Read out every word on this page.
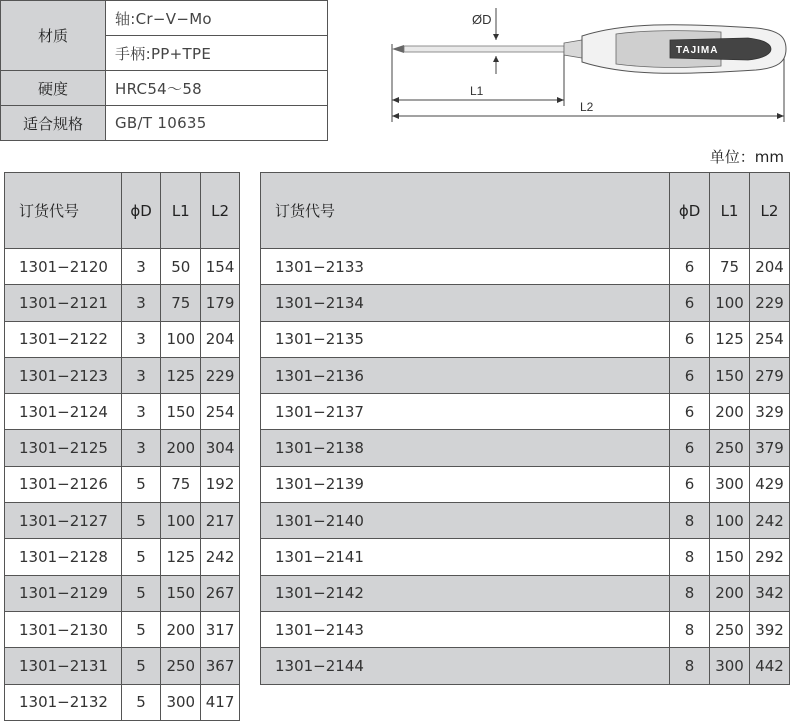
材质	轴:Cr−V−Mo
	手柄:PP+TPE
硬度	HRC54～58
适合规格	GB/T 10635
ØD
TAJIMA
L1
L2
单位：mm
订货代号	ϕD	L1	L2
1301−2120	3	50	154
1301−2121	3	75	179
1301−2122	3	100	204
1301−2123	3	125	229
1301−2124	3	150	254
1301−2125	3	200	304
1301−2126	5	75	192
1301−2127	5	100	217
1301−2128	5	125	242
1301−2129	5	150	267
1301−2130	5	200	317
1301−2131	5	250	367
1301−2132	5	300	417
订货代号	ϕD	L1	L2
1301−2133	6	75	204
1301−2134	6	100	229
1301−2135	6	125	254
1301−2136	6	150	279
1301−2137	6	200	329
1301−2138	6	250	379
1301−2139	6	300	429
1301−2140	8	100	242
1301−2141	8	150	292
1301−2142	8	200	342
1301−2143	8	250	392
1301−2144	8	300	442
